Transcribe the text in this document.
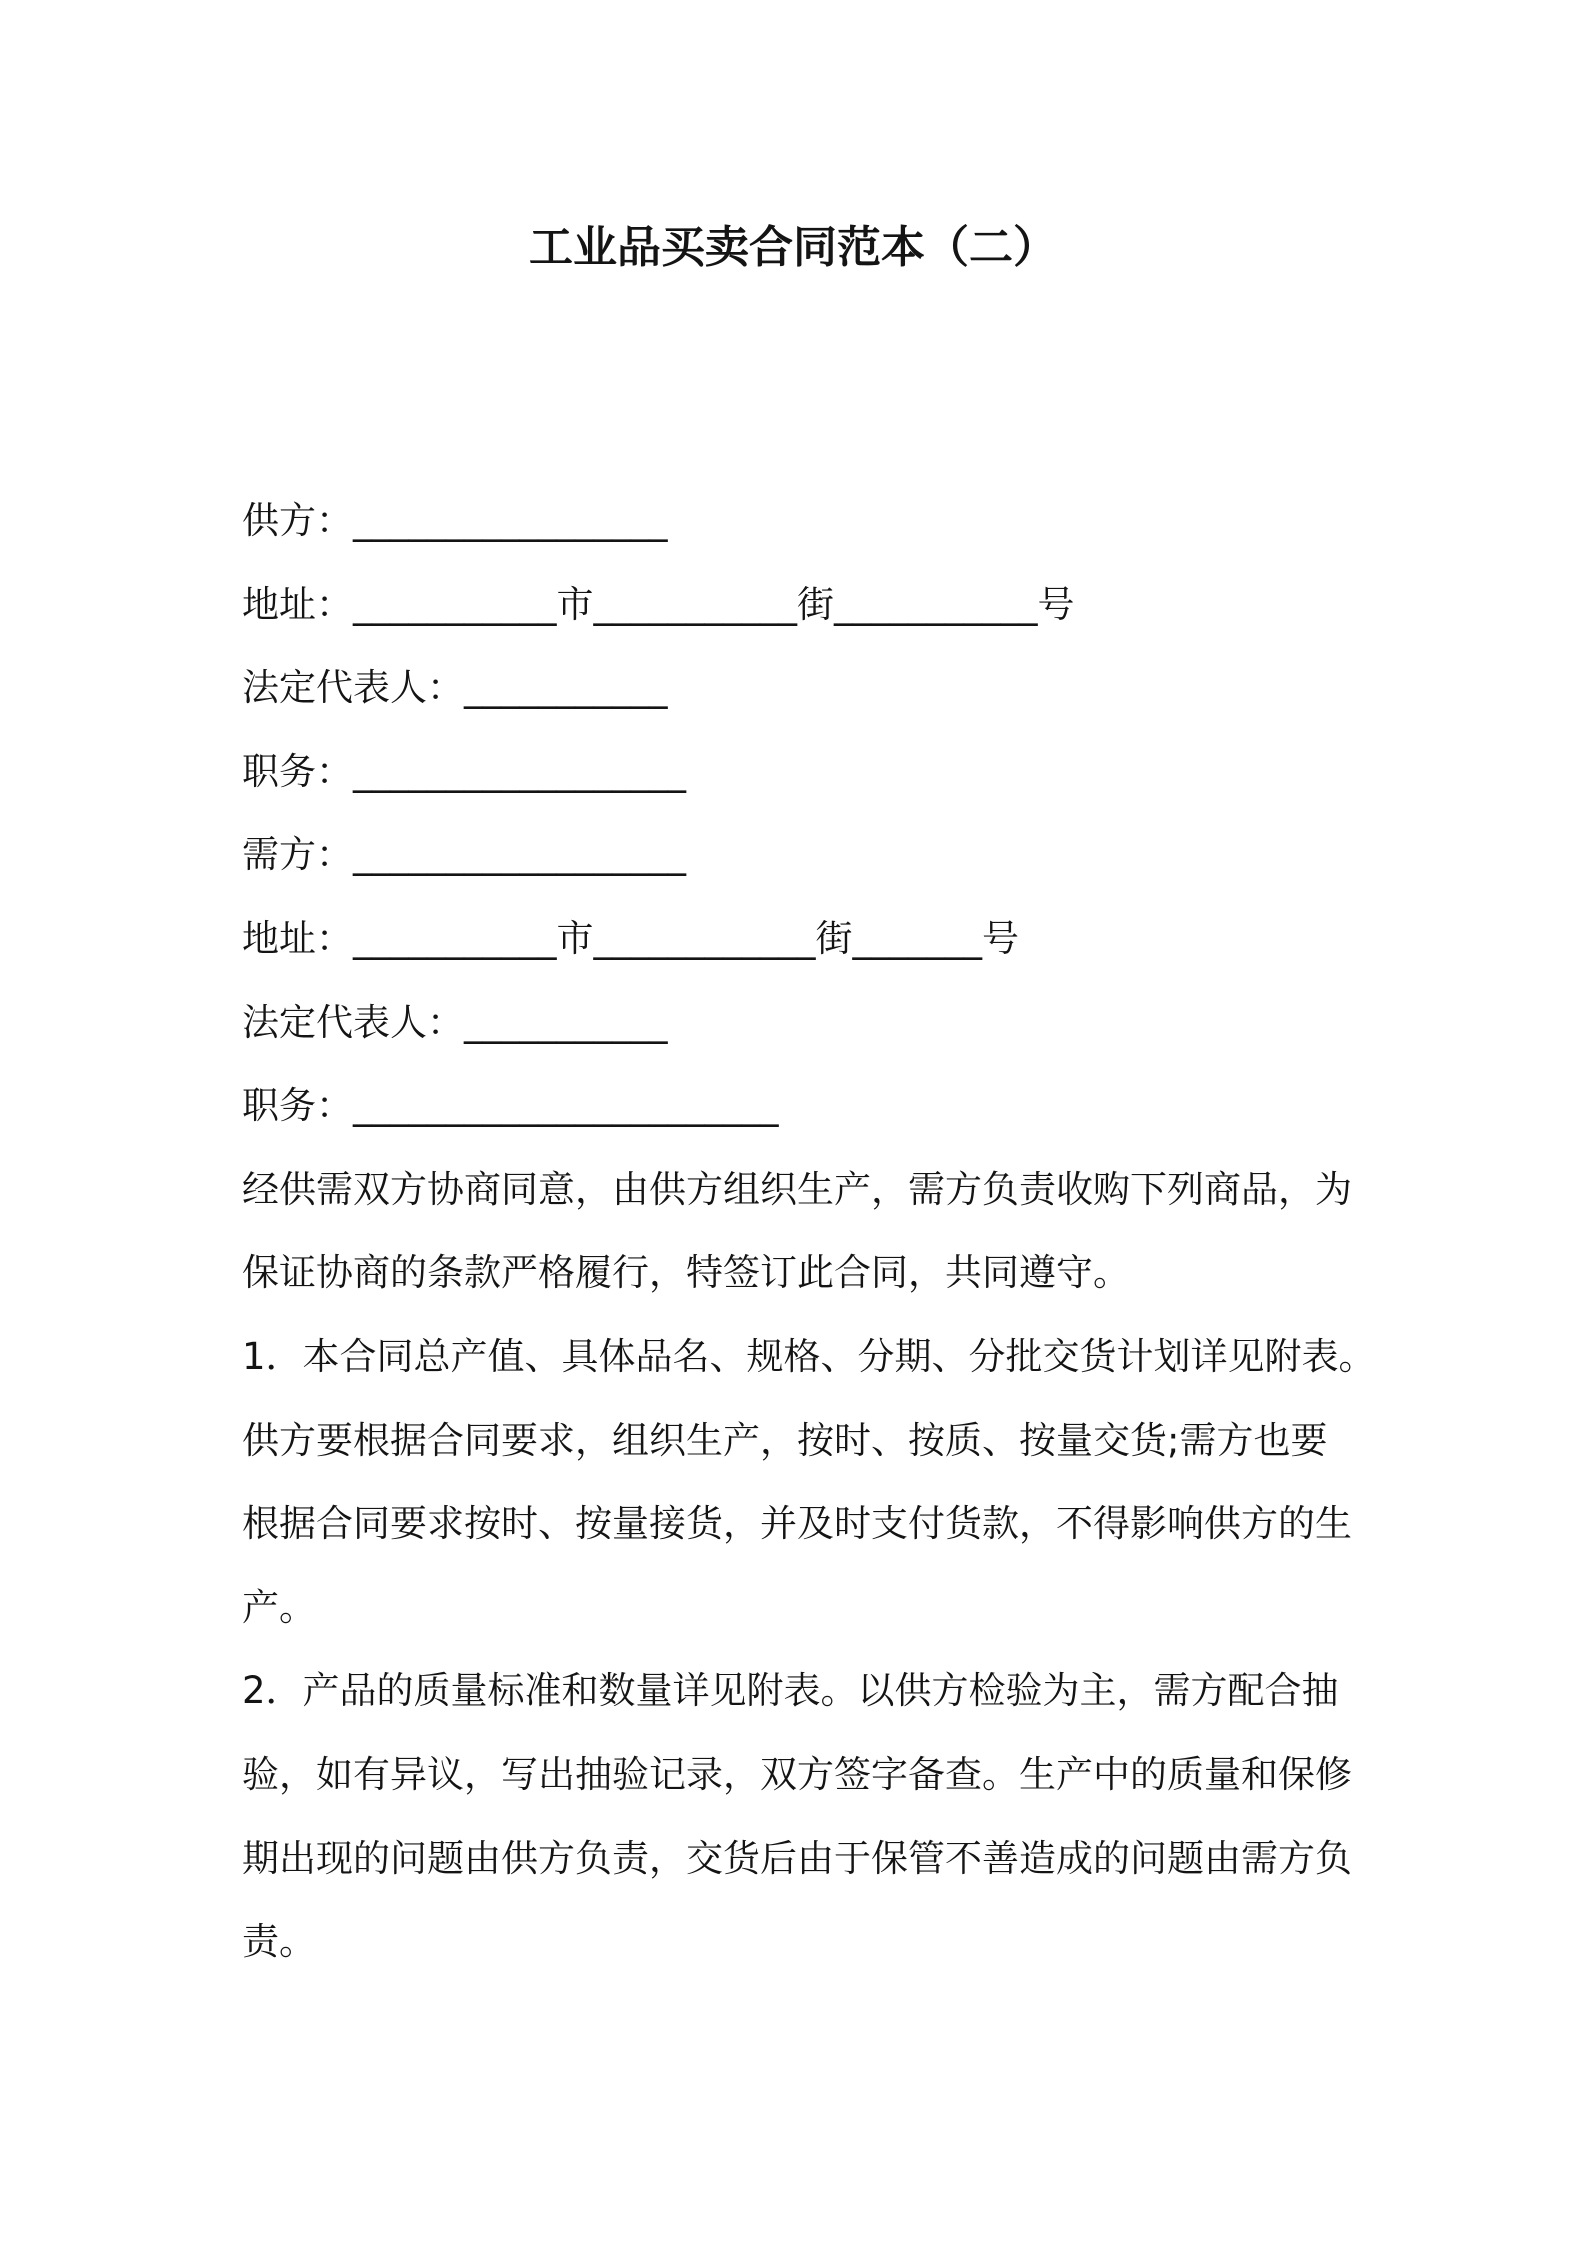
工业品买卖合同范本（二）
供方：_________________
地址：___________市___________街___________号
法定代表人：___________
职务：__________________
需方：__________________
地址：___________市____________街_______号
法定代表人：___________
职务：_______________________
经供需双方协商同意，由供方组织生产，需方负责收购下列商品，为
保证协商的条款严格履行，特签订此合同，共同遵守。
1．本合同总产值、具体品名、规格、分期、分批交货计划详见附表。
供方要根据合同要求，组织生产，按时、按质、按量交货;需方也要
根据合同要求按时、按量接货，并及时支付货款，不得影响供方的生
产。
2．产品的质量标准和数量详见附表。以供方检验为主，需方配合抽
验，如有异议，写出抽验记录，双方签字备查。生产中的质量和保修
期出现的问题由供方负责，交货后由于保管不善造成的问题由需方负
责。
